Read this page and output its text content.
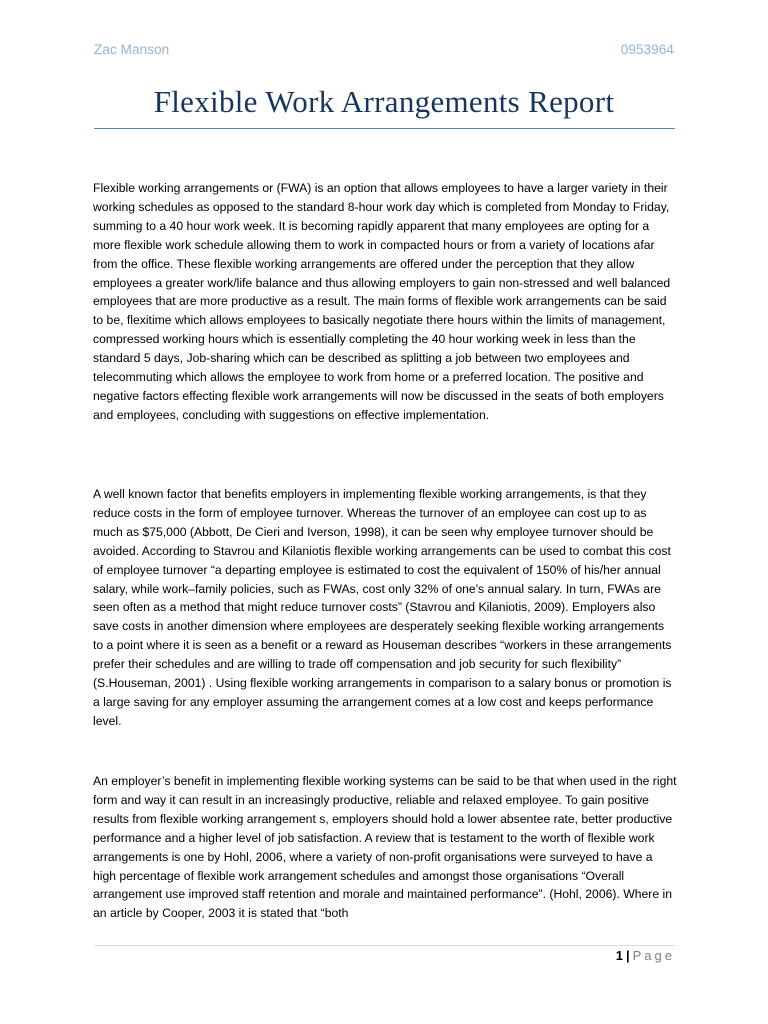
Zac Manson	0953964
Flexible Work Arrangements Report

Flexible working arrangements or (FWA) is an option that allows employees to have a larger variety in their working schedules as opposed to the standard 8-hour work day which is completed from Monday to Friday, summing to a 40 hour work week. It is becoming rapidly apparent that many employees are opting for a more flexible work schedule allowing them to work in compacted hours or from a variety of locations afar from the office. These flexible working arrangements are offered under the perception that they allow employees a greater work/life balance and thus allowing employers to gain non-stressed and well balanced employees that are more productive as a result. The main forms of flexible work arrangements can be said to be, flexitime which allows employees to basically negotiate there hours within the limits of management, compressed working hours which is essentially completing the 40 hour working week in less than the standard 5 days, Job-sharing which can be described as splitting a job between two employees and telecommuting which allows the employee to work from home or a preferred location. The positive and negative factors effecting flexible work arrangements will now be discussed in the seats of both employers and employees, concluding with suggestions on effective implementation.

A well known factor that benefits employers in implementing flexible working arrangements, is that they reduce costs in the form of employee turnover. Whereas the turnover of an employee can cost up to as much as $75,000 (Abbott, De Cieri and Iverson, 1998), it can be seen why employee turnover should be avoided. According to Stavrou and Kilaniotis flexible working arrangements can be used to combat this cost of employee turnover “a departing employee is estimated to cost the equivalent of 150% of his/her annual salary, while work–family policies, such as FWAs, cost only 32% of one's annual salary. In turn, FWAs are seen often as a method that might reduce turnover costs” (Stavrou and Kilaniotis, 2009). Employers also save costs in another dimension where employees are desperately seeking flexible working arrangements to a point where it is seen as a benefit or a reward as Houseman describes “workers in these arrangements prefer their schedules and are willing to trade off compensation and job security for such flexibility” (S.Houseman, 2001) . Using flexible working arrangements in comparison to a salary bonus or promotion is a large saving for any employer assuming the arrangement comes at a low cost and keeps performance level.

An employer’s benefit in implementing flexible working systems can be said to be that when used in the right form and way it can result in an increasingly productive, reliable and relaxed employee. To gain positive results from flexible working arrangement s, employers should hold a lower absentee rate, better productive performance and a higher level of job satisfaction. A review that is testament to the worth of flexible work arrangements is one by Hohl, 2006, where a variety of non-profit organisations were surveyed to have a high percentage of flexible work arrangement schedules and amongst those organisations “Overall arrangement use improved staff retention and morale and maintained performance”. (Hohl, 2006). Where in an article by Cooper, 2003 it is stated that “both

1 | Page
